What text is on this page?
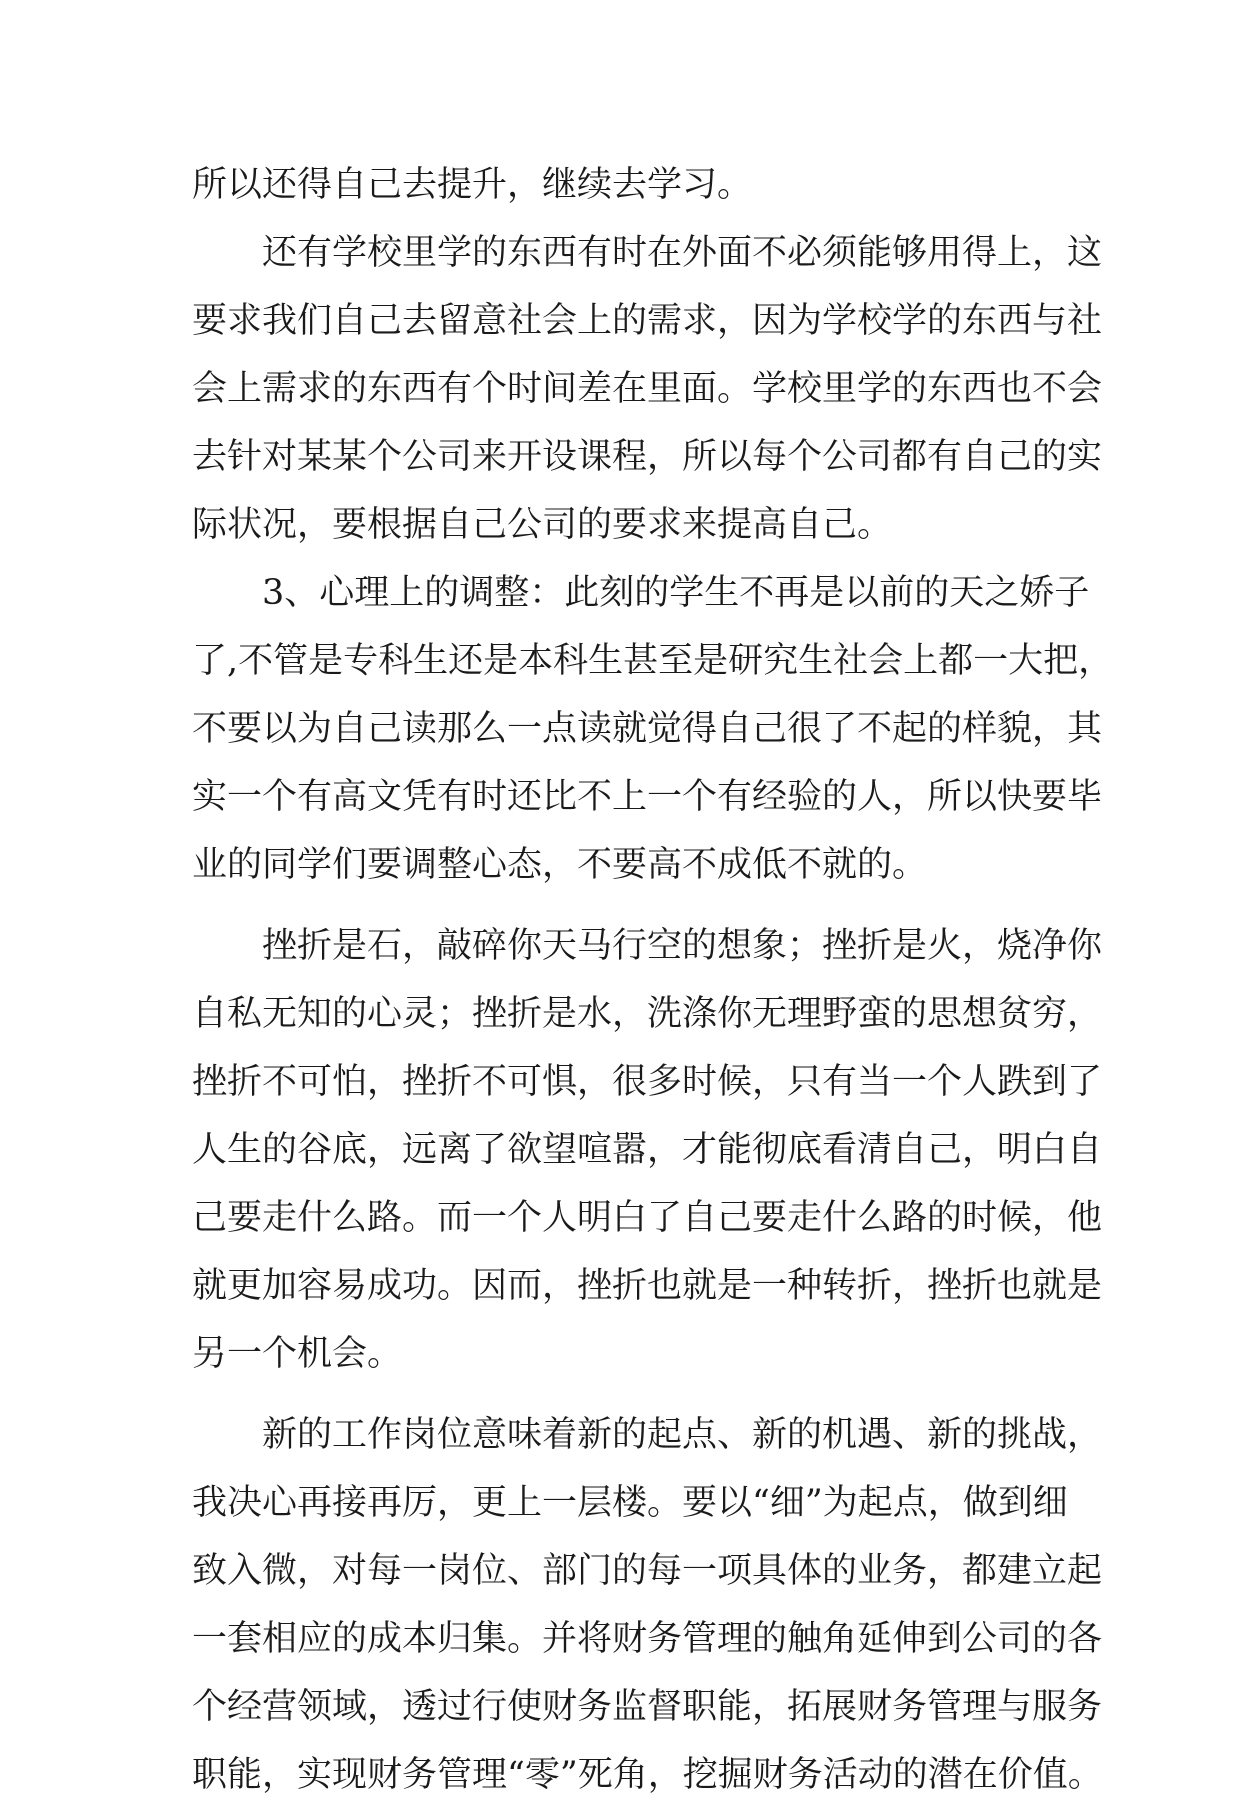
所以还得自己去提升，继续去学习。
还有学校里学的东西有时在外面不必须能够用得上，这
要求我们自己去留意社会上的需求，因为学校学的东西与社
会上需求的东西有个时间差在里面。学校里学的东西也不会
去针对某某个公司来开设课程，所以每个公司都有自己的实
际状况，要根据自己公司的要求来提高自己。
3、心理上的调整：此刻的学生不再是以前的天之娇子
了,不管是专科生还是本科生甚至是研究生社会上都一大把，
不要以为自己读那么一点读就觉得自己很了不起的样貌，其
实一个有高文凭有时还比不上一个有经验的人，所以快要毕
业的同学们要调整心态，不要高不成低不就的。
挫折是石，敲碎你天马行空的想象；挫折是火，烧净你
自私无知的心灵；挫折是水，洗涤你无理野蛮的思想贫穷，
挫折不可怕，挫折不可惧，很多时候，只有当一个人跌到了
人生的谷底，远离了欲望喧嚣，才能彻底看清自己，明白自
己要走什么路。而一个人明白了自己要走什么路的时候，他
就更加容易成功。因而，挫折也就是一种转折，挫折也就是
另一个机会。
新的工作岗位意味着新的起点、新的机遇、新的挑战，
我决心再接再厉，更上一层楼。要以“细”为起点，做到细
致入微，对每一岗位、部门的每一项具体的业务，都建立起
一套相应的成本归集。并将财务管理的触角延伸到公司的各
个经营领域，透过行使财务监督职能，拓展财务管理与服务
职能，实现财务管理“零”死角，挖掘财务活动的潜在价值。
